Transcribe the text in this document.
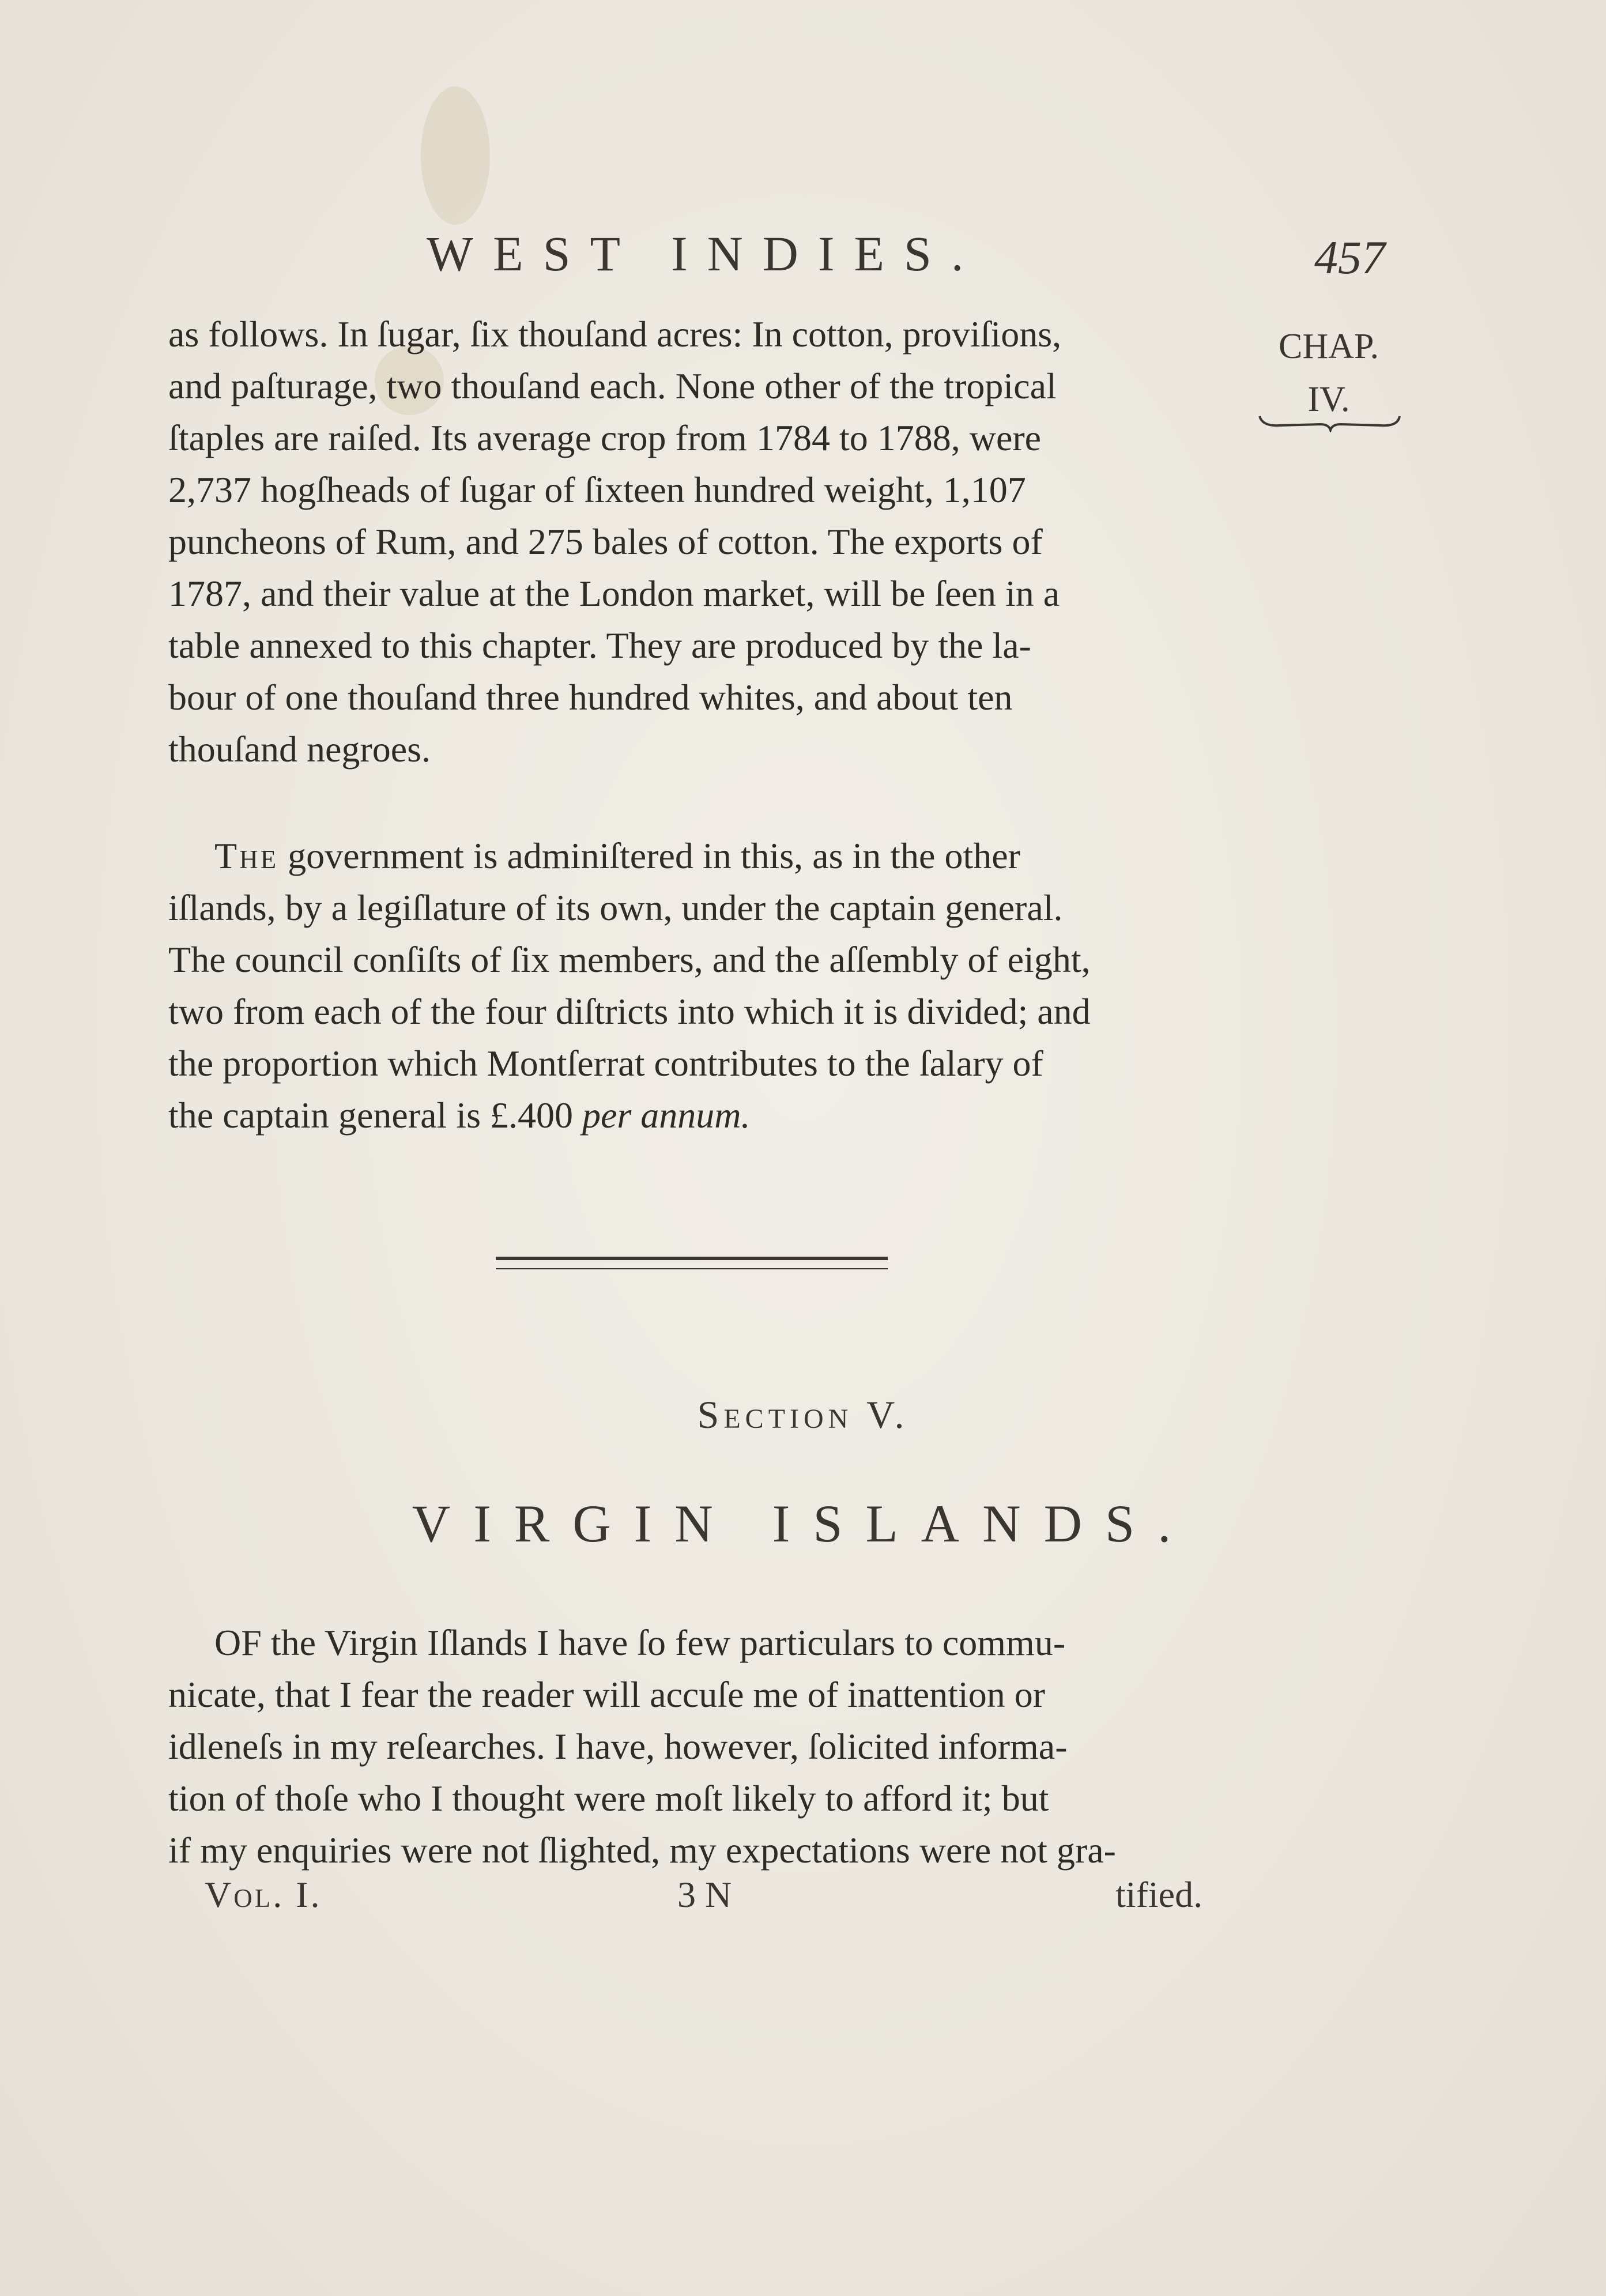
WEST INDIES.	457
CHAP.
IV.
as follows. In ſugar, ſix thouſand acres: In cotton, proviſions,
and paſturage, two thouſand each. None other of the tropical
ſtaples are raiſed. Its average crop from 1784 to 1788, were
2,737 hogſheads of ſugar of ſixteen hundred weight, 1,107
puncheons of Rum, and 275 bales of cotton. The exports of
1787, and their value at the London market, will be ſeen in a
table annexed to this chapter. They are produced by the la-
bour of one thouſand three hundred whites, and about ten
thouſand negroes.
The government is adminiſtered in this, as in the other
iſlands, by a legiſlature of its own, under the captain general.
The council conſiſts of ſix members, and the aſſembly of eight,
two from each of the four diſtricts into which it is divided; and
the proportion which Montſerrat contributes to the ſalary of
the captain general is £.400 per annum.
Section V.
VIRGIN ISLANDS.
OF the Virgin Iſlands I have ſo few particulars to commu-
nicate, that I fear the reader will accuſe me of inattention or
idleneſs in my reſearches. I have, however, ſolicited informa-
tion of thoſe who I thought were moſt likely to afford it; but
if my enquiries were not ſlighted, my expectations were not gra-
Vol. I.	3 N	tified.
